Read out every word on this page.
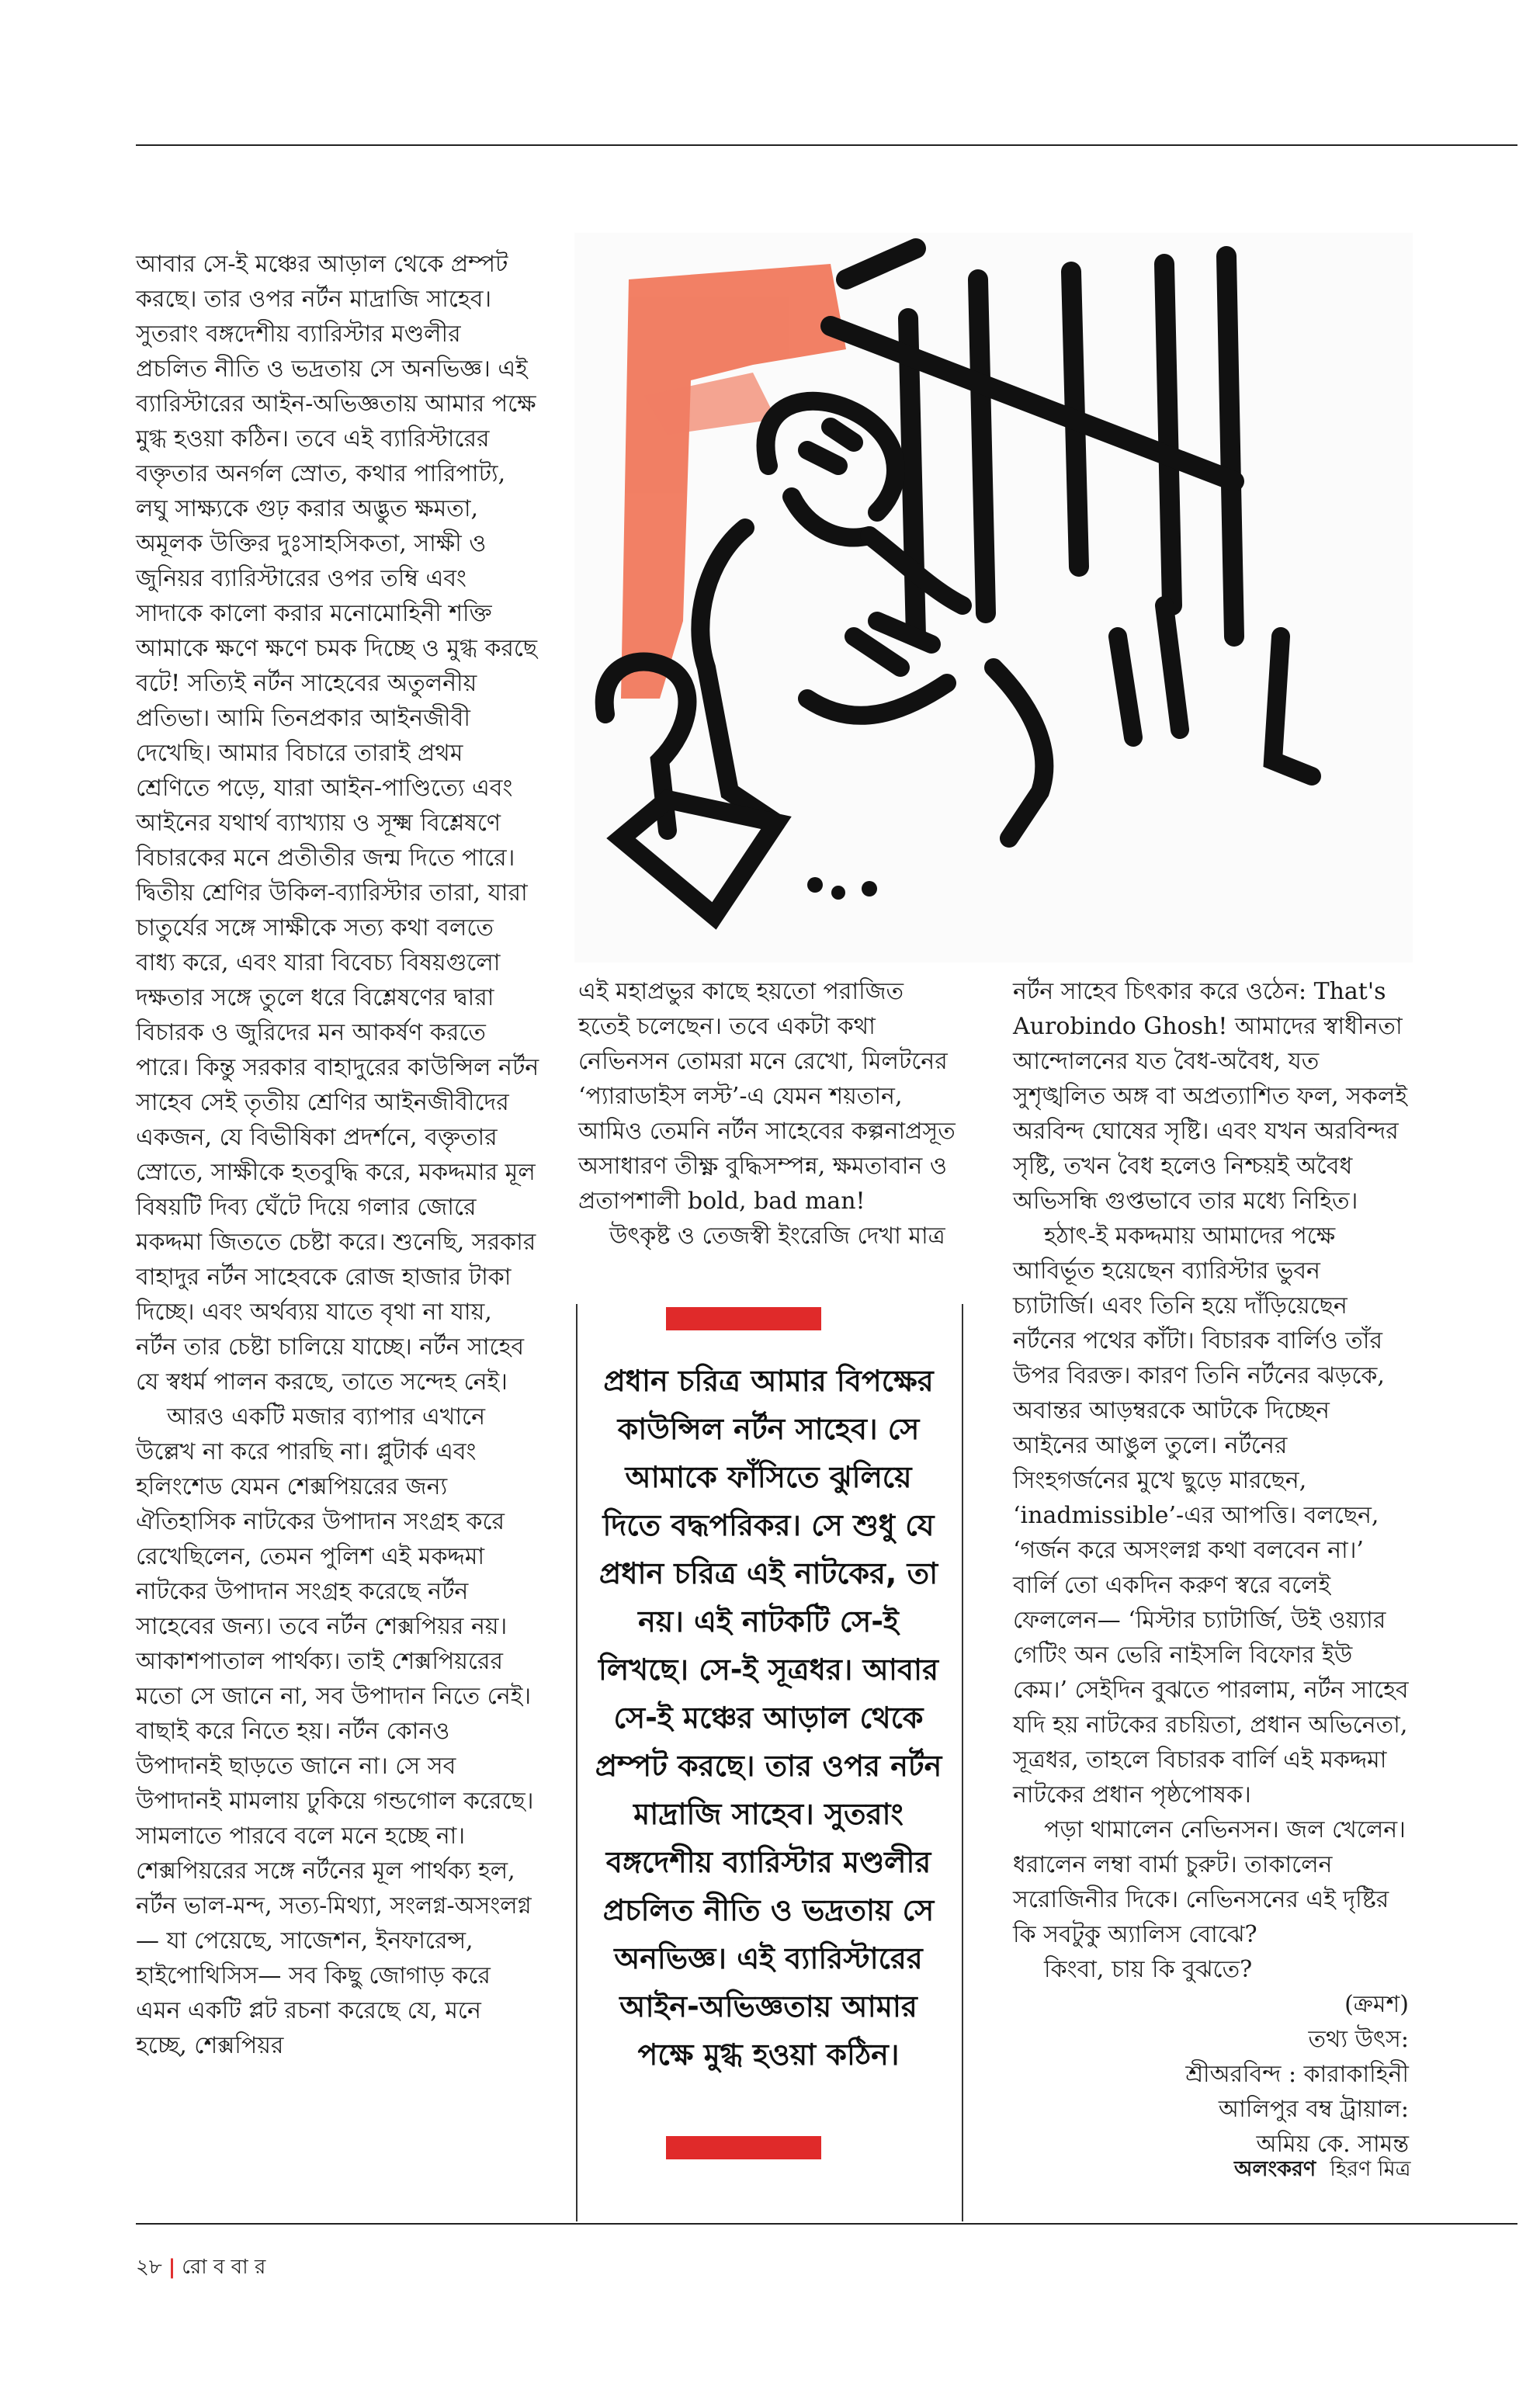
আবার সে-ই মঞ্চের আড়াল থেকে প্রম্পট করছে। তার ওপর নর্টন মাদ্রাজি সাহেব। সুতরাং বঙ্গদেশীয় ব্যারিস্টার মণ্ডলীর প্রচলিত নীতি ও ভদ্রতায় সে অনভিজ্ঞ। এই ব্যারিস্টারের আইন-অভিজ্ঞতায় আমার পক্ষে মুগ্ধ হওয়া কঠিন। তবে এই ব্যারিস্টারের বক্তৃতার অনর্গল স্রোত, কথার পারিপাট্য, লঘু সাক্ষ্যকে গুঢ় করার অদ্ভুত ক্ষমতা, অমূলক উক্তির দুঃসাহসিকতা, সাক্ষী ও জুনিয়র ব্যারিস্টারের ওপর তম্বি এবং সাদাকে কালো করার মনোমোহিনী শক্তি আমাকে ক্ষণে ক্ষণে চমক দিচ্ছে ও মুগ্ধ করছে বটে! সত্যিই নর্টন সাহেবের অতুলনীয় প্রতিভা। আমি তিনপ্রকার আইনজীবী দেখেছি। আমার বিচারে তারাই প্রথম শ্রেণিতে পড়ে, যারা আইন-পাণ্ডিত্যে এবং আইনের যথার্থ ব্যাখ্যায় ও সূক্ষ্ম বিশ্লেষণে বিচারকের মনে প্রতীতীর জন্ম দিতে পারে। দ্বিতীয় শ্রেণির উকিল-ব্যারিস্টার তারা, যারা চাতুর্যের সঙ্গে সাক্ষীকে সত্য কথা বলতে বাধ্য করে, এবং যারা বিবেচ্য বিষয়গুলো দক্ষতার সঙ্গে তুলে ধরে বিশ্লেষণের দ্বারা বিচারক ও জুরিদের মন আকর্ষণ করতে পারে। কিন্তু সরকার বাহাদুরের কাউন্সিল নর্টন সাহেব সেই তৃতীয় শ্রেণির আইনজীবীদের একজন, যে বিভীষিকা প্রদর্শনে, বক্তৃতার স্রোতে, সাক্ষীকে হতবুদ্ধি করে, মকদ্দমার মূল বিষয়টি দিব্য ঘেঁটে দিয়ে গলার জোরে মকদ্দমা জিততে চেষ্টা করে। শুনেছি, সরকার বাহাদুর নর্টন সাহেবকে রোজ হাজার টাকা দিচ্ছে। এবং অর্থব্যয় যাতে বৃথা না যায়, নর্টন তার চেষ্টা চালিয়ে যাচ্ছে। নর্টন সাহেব যে স্বধর্ম পালন করছে, তাতে সন্দেহ নেই।

আরও একটি মজার ব্যাপার এখানে উল্লেখ না করে পারছি না। প্লুটার্ক এবং হলিংশেড যেমন শেক্সপিয়রের জন্য ঐতিহাসিক নাটকের উপাদান সংগ্রহ করে রেখেছিলেন, তেমন পুলিশ এই মকদ্দমা নাটকের উপাদান সংগ্রহ করেছে নর্টন সাহেবের জন্য। তবে নর্টন শেক্সপিয়র নয়। আকাশপাতাল পার্থক্য। তাই শেক্সপিয়রের মতো সে জানে না, সব উপাদান নিতে নেই। বাছাই করে নিতে হয়। নর্টন কোনও উপাদানই ছাড়তে জানে না। সে সব উপাদানই মামলায় ঢুকিয়ে গন্ডগোল করেছে। সামলাতে পারবে বলে মনে হচ্ছে না। শেক্সপিয়রের সঙ্গে নর্টনের মূল পার্থক্য হল, নর্টন ভাল-মন্দ, সত্য-মিথ্যা, সংলগ্ন-অসংলগ্ন— যা পেয়েছে, সাজেশন, ইনফারেন্স, হাইপোথিসিস— সব কিছু জোগাড় করে এমন একটি প্লট রচনা করেছে যে, মনে হচ্ছে, শেক্সপিয়র

এই মহাপ্রভুর কাছে হয়তো পরাজিত হতেই চলেছেন। তবে একটা কথা নেভিনসন তোমরা মনে রেখো, মিলটনের ‘প্যারাডাইস লস্ট’-এ যেমন শয়তান, আমিও তেমনি নর্টন সাহেবের কল্পনাপ্রসূত অসাধারণ তীক্ষ্ণ বুদ্ধিসম্পন্ন, ক্ষমতাবান ও প্রতাপশালী bold, bad man!

উৎকৃষ্ট ও তেজস্বী ইংরেজি দেখা মাত্র

প্রধান চরিত্র আমার বিপক্ষের কাউন্সিল নর্টন সাহেব। সে আমাকে ফাঁসিতে ঝুলিয়ে দিতে বদ্ধপরিকর। সে শুধু যে প্রধান চরিত্র এই নাটকের, তা নয়। এই নাটকটি সে-ই লিখছে। সে-ই সূত্রধর। আবার সে-ই মঞ্চের আড়াল থেকে প্রম্পট করছে। তার ওপর নর্টন মাদ্রাজি সাহেব। সুতরাং বঙ্গদেশীয় ব্যারিস্টার মণ্ডলীর প্রচলিত নীতি ও ভদ্রতায় সে অনভিজ্ঞ। এই ব্যারিস্টারের আইন-অভিজ্ঞতায় আমার পক্ষে মুগ্ধ হওয়া কঠিন।

নর্টন সাহেব চিৎকার করে ওঠেন: That's Aurobindo Ghosh! আমাদের স্বাধীনতা আন্দোলনের যত বৈধ-অবৈধ, যত সুশৃঙ্খলিত অঙ্গ বা অপ্রত্যাশিত ফল, সকলই অরবিন্দ ঘোষের সৃষ্টি। এবং যখন অরবিন্দর সৃষ্টি, তখন বৈধ হলেও নিশ্চয়ই অবৈধ অভিসন্ধি গুপ্তভাবে তার মধ্যে নিহিত।

হঠাৎ-ই মকদ্দমায় আমাদের পক্ষে আবির্ভূত হয়েছেন ব্যারিস্টার ভুবন চ্যাটার্জি। এবং তিনি হয়ে দাঁড়িয়েছেন নর্টনের পথের কাঁটা। বিচারক বার্লিও তাঁর উপর বিরক্ত। কারণ তিনি নর্টনের ঝড়কে, অবান্তর আড়ম্বরকে আটকে দিচ্ছেন আইনের আঙুল তুলে। নর্টনের সিংহগর্জনের মুখে ছুড়ে মারছেন, ‘inadmissible’-এর আপত্তি। বলছেন, ‘গর্জন করে অসংলগ্ন কথা বলবেন না।’ বার্লি তো একদিন করুণ স্বরে বলেই ফেললেন— ‘মিস্টার চ্যাটার্জি, উই ওয়্যার গেটিং অন ভেরি নাইসলি বিফোর ইউ কেম।’ সেইদিন বুঝতে পারলাম, নর্টন সাহেব যদি হয় নাটকের রচয়িতা, প্রধান অভিনেতা, সূত্রধর, তাহলে বিচারক বার্লি এই মকদ্দমা নাটকের প্রধান পৃষ্ঠপোষক।

পড়া থামালেন নেভিনসন। জল খেলেন। ধরালেন লম্বা বার্মা চুরুট। তাকালেন সরোজিনীর দিকে। নেভিনসনের এই দৃষ্টির কি সবটুকু অ্যালিস বোঝে?

কিংবা, চায় কি বুঝতে?

(ক্রমশ)

তথ্য উৎস:

শ্রীঅরবিন্দ : কারাকাহিনী

আলিপুর বম্ব ট্রায়াল:

অমিয় কে. সামন্ত

অলংকরণ হিরণ মিত্র
২৮ | রো ব বা র
